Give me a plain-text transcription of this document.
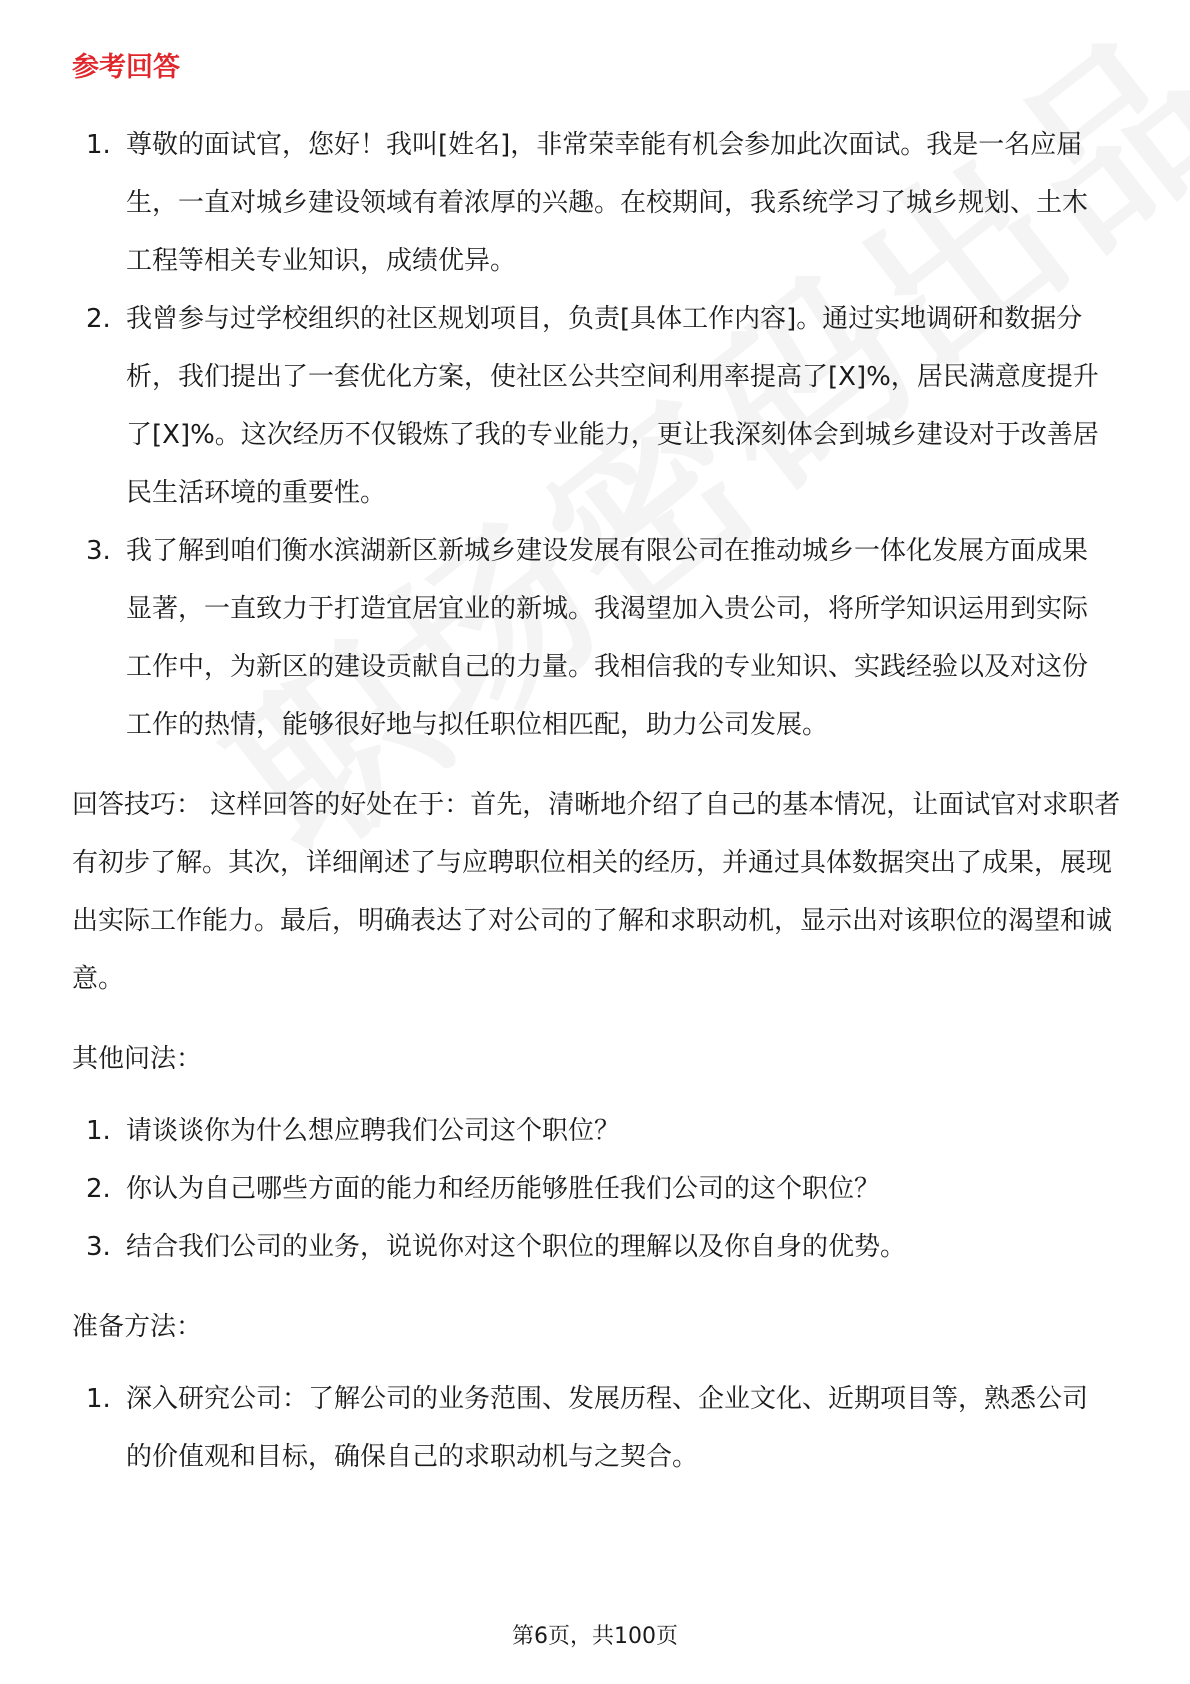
参考回答
1. 尊敬的面试官，您好！我叫[姓名]，非常荣幸能有机会参加此次面试。我是一名应届生，一直对城乡建设领域有着浓厚的兴趣。在校期间，我系统学习了城乡规划、土木工程等相关专业知识，成绩优异。
2. 我曾参与过学校组织的社区规划项目，负责[具体工作内容]。通过实地调研和数据分析，我们提出了一套优化方案，使社区公共空间利用率提高了[X]%，居民满意度提升了[X]%。这次经历不仅锻炼了我的专业能力，更让我深刻体会到城乡建设对于改善居民生活环境的重要性。
3. 我了解到咱们衡水滨湖新区新城乡建设发展有限公司在推动城乡一体化发展方面成果显著，一直致力于打造宜居宜业的新城。我渴望加入贵公司，将所学知识运用到实际工作中，为新区的建设贡献自己的力量。我相信我的专业知识、实践经验以及对这份工作的热情，能够很好地与拟任职位相匹配，助力公司发展。

回答技巧： 这样回答的好处在于：首先，清晰地介绍了自己的基本情况，让面试官对求职者有初步了解。其次，详细阐述了与应聘职位相关的经历，并通过具体数据突出了成果，展现出实际工作能力。最后，明确表达了对公司的了解和求职动机，显示出对该职位的渴望和诚意。

其他问法：
1. 请谈谈你为什么想应聘我们公司这个职位？
2. 你认为自己哪些方面的能力和经历能够胜任我们公司的这个职位？
3. 结合我们公司的业务，说说你对这个职位的理解以及你自身的优势。
准备方法：
1. 深入研究公司：了解公司的业务范围、发展历程、企业文化、近期项目等，熟悉公司的价值观和目标，确保自己的求职动机与之契合。
第6页，共100页
